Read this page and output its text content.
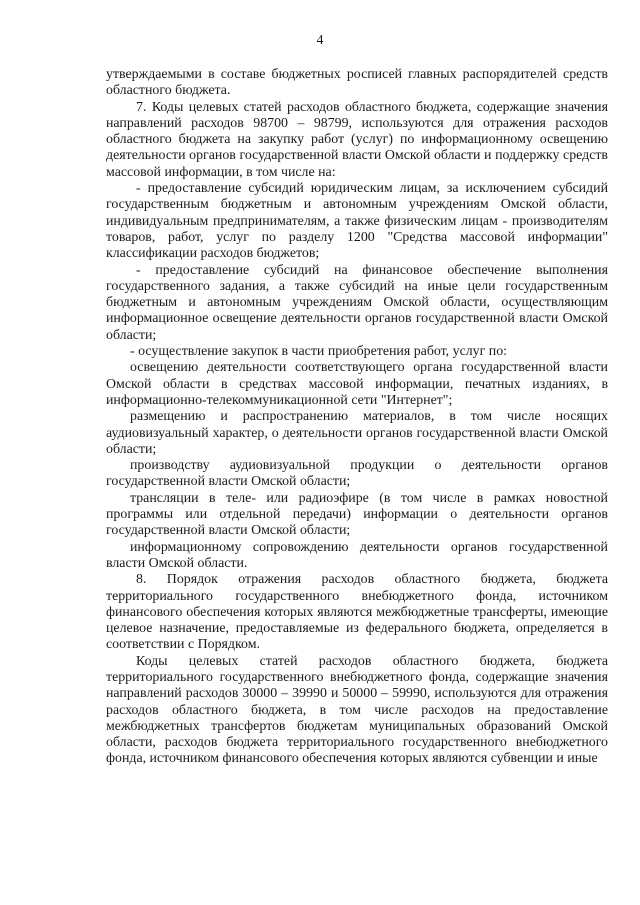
4

утверждаемыми в составе бюджетных росписей главных распорядителей средств областного бюджета.

7. Коды целевых статей расходов областного бюджета, содержащие значения направлений расходов 98700 – 98799, используются для отражения расходов областного бюджета на закупку работ (услуг) по информационному освещению деятельности органов государственной власти Омской области и поддержку средств массовой информации, в том числе на:

- предоставление субсидий юридическим лицам, за исключением субсидий государственным бюджетным и автономным учреждениям Омской области, индивидуальным предпринимателям, а также физическим лицам - производителям товаров, работ, услуг по разделу 1200 "Средства массовой информации" классификации расходов бюджетов;

- предоставление субсидий на финансовое обеспечение выполнения государственного задания, а также субсидий на иные цели государственным бюджетным и автономным учреждениям Омской области, осуществляющим информационное освещение деятельности органов государственной власти Омской области;

- осуществление закупок в части приобретения работ, услуг по:

освещению деятельности соответствующего органа государственной власти Омской области в средствах массовой информации, печатных изданиях, в информационно-телекоммуникационной сети "Интернет";

размещению и распространению материалов, в том числе носящих аудиовизуальный характер, о деятельности органов государственной власти Омской области;

производству аудиовизуальной продукции о деятельности органов государственной власти Омской области;

трансляции в теле- или радиоэфире (в том числе в рамках новостной программы или отдельной передачи) информации о деятельности органов государственной власти Омской области;

информационному сопровождению деятельности органов государственной власти Омской области.

8. Порядок отражения расходов областного бюджета, бюджета территориального государственного внебюджетного фонда, источником финансового обеспечения которых являются межбюджетные трансферты, имеющие целевое назначение, предоставляемые из федерального бюджета, определяется в соответствии с Порядком.

Коды целевых статей расходов областного бюджета, бюджета территориального государственного внебюджетного фонда, содержащие значения направлений расходов 30000 – 39990 и 50000 – 59990, используются для отражения расходов областного бюджета, в том числе расходов на предоставление межбюджетных трансфертов бюджетам муниципальных образований Омской области, расходов бюджета территориального государственного внебюджетного фонда, источником финансового обеспечения которых являются субвенции и иные
